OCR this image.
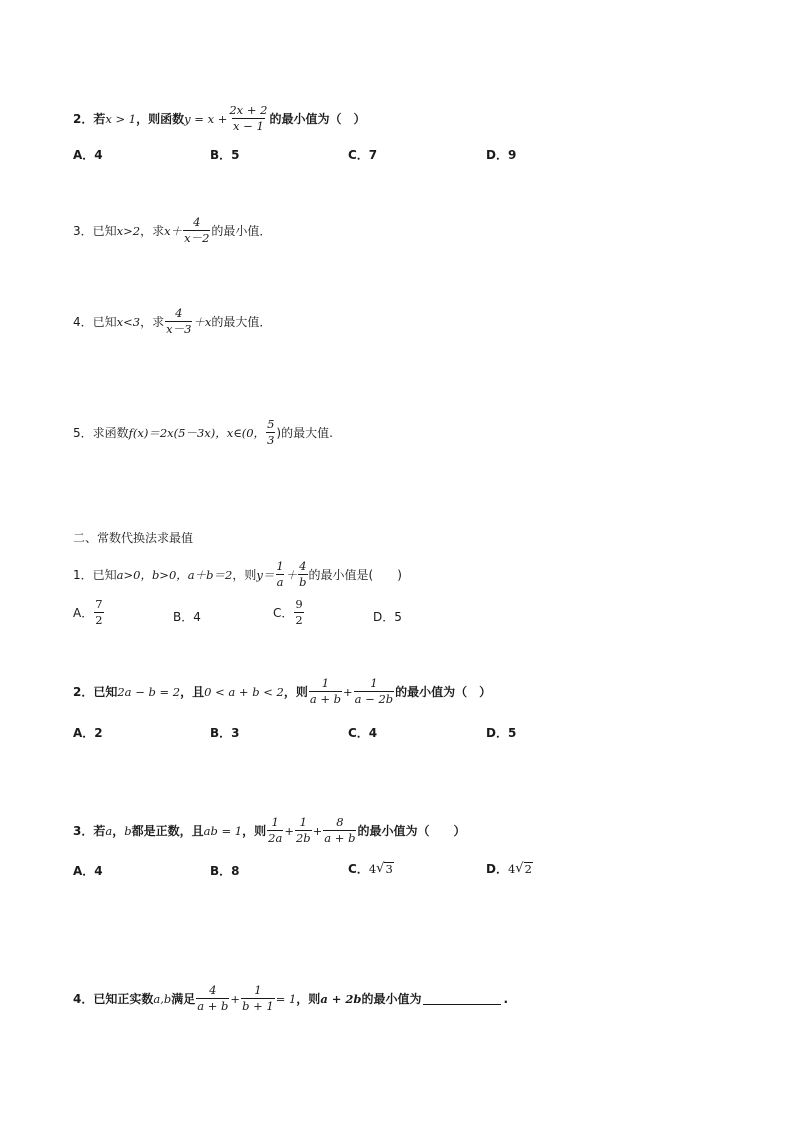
2．若 x > 1 ，则函数 $y = x + \frac{2x + 2}{x - 1}$ 的最小值为（　）
A．4	B．5	C．7	D．9
3．已知 x>2 ，求 $x+ \frac{4}{x-2}$ 的最小值．
4．已知 x<3 ，求 $\frac{4}{x-3} +x$ 的最大值．
5．求函数 f(x)＝2x(5－3x) ，x∈(0， $\frac{5}{3}$ )的最大值.
二、常数代换法求最值
1．已知 a>0，b>0，a＋b＝2 ，则 $y= \frac{1}{a} + \frac{4}{b}$ 的最小值是(　　)
A． $\frac{7}{2}$	B．4	C． $\frac{9}{2}$	D．5
2．已知 2a − b = 2 ，且 0 < a + b < 2 ，则 $\frac{1}{a + b} + \frac{1}{a - 2b}$ 的最小值为（　）
A．2	B．3	C．4	D．5
3．若 a ， b 都是正数，且 ab = 1 ，则 $\frac{1}{2a} + \frac{1}{2b} + \frac{8}{a + b}$ 的最小值为（　　）
A．4	B．8	C． 4 √ 3	D． 4 √ 2
4．已知正实数 a,b 满足 $\frac{4}{a + b} + \frac{1}{b + 1} = 1$ ，则 a + 2b 的最小值为	.
